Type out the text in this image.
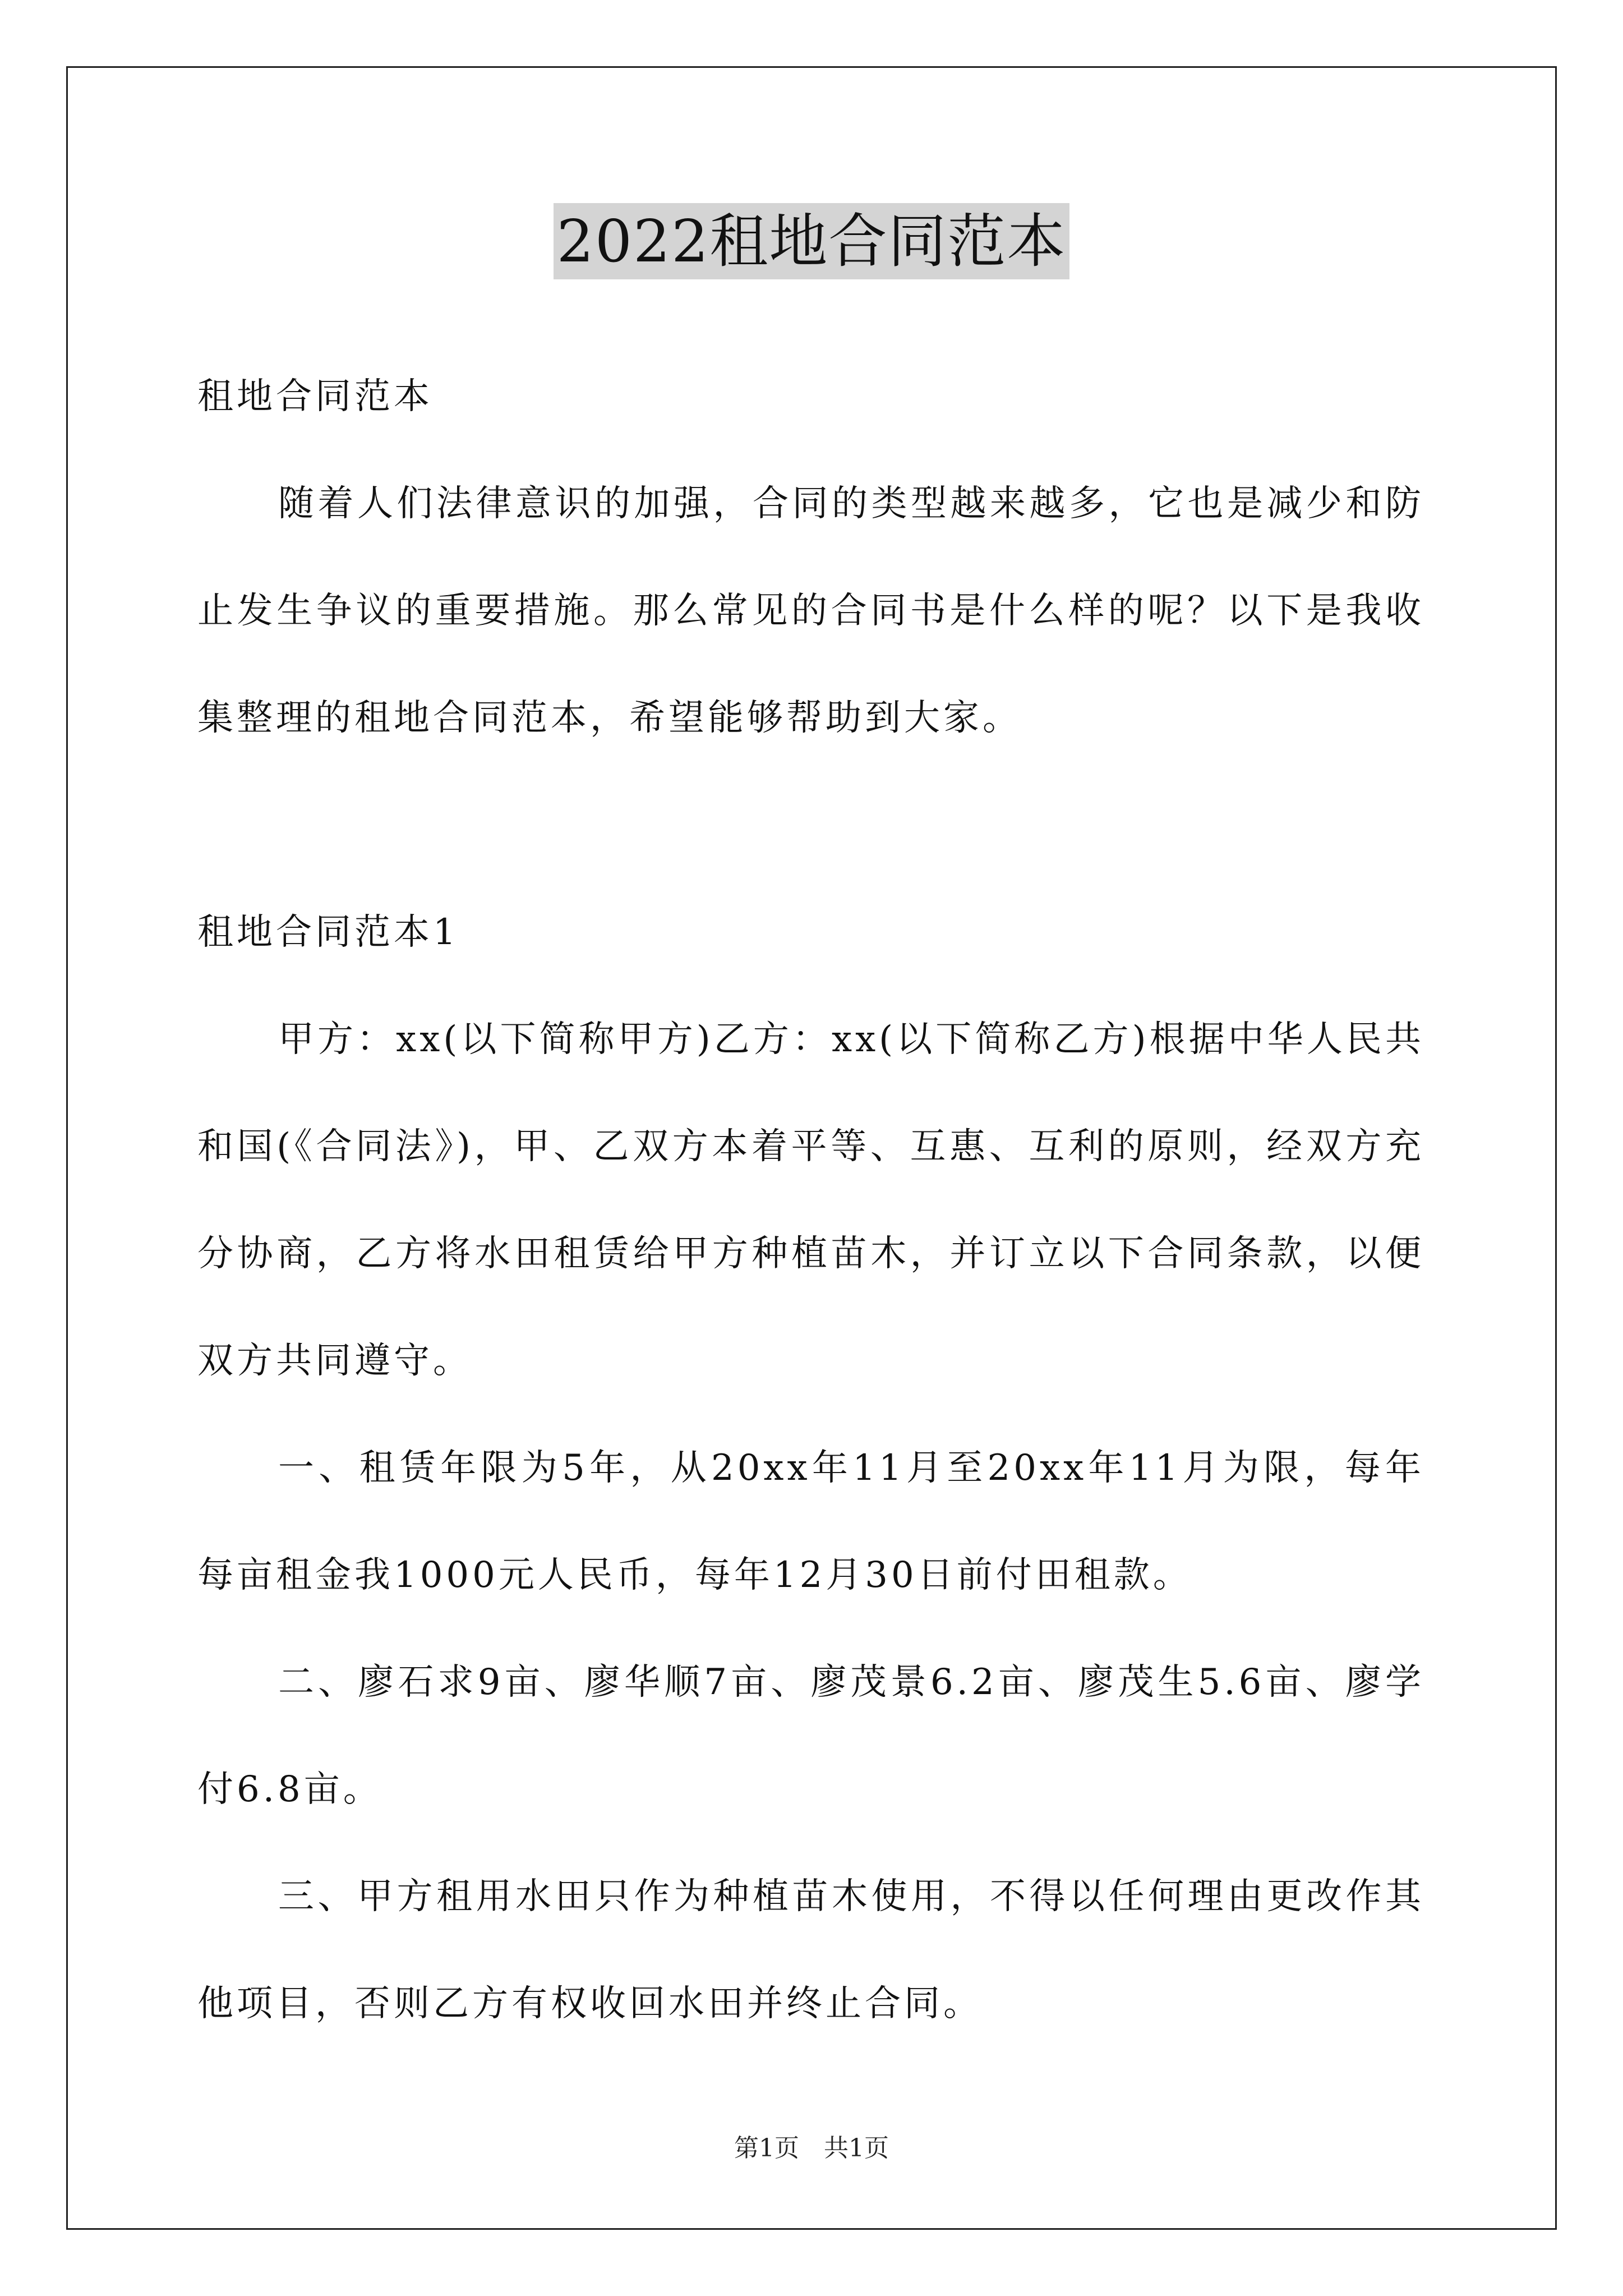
2022租地合同范本

租地合同范本

随着人们法律意识的加强，合同的类型越来越多，它也是减少和防止发生争议的重要措施。那么常见的合同书是什么样的呢？以下是我收集整理的租地合同范本，希望能够帮助到大家。

租地合同范本1

甲方：xx(以下简称甲方)乙方：xx(以下简称乙方)根据中华人民共和国(《合同法》)，甲、乙双方本着平等、互惠、互利的原则，经双方充分协商，乙方将水田租赁给甲方种植苗木，并订立以下合同条款，以便双方共同遵守。

一、租赁年限为5年，从20xx年11月至20xx年11月为限，每年每亩租金我1000元人民币，每年12月30日前付田租款。

二、廖石求9亩、廖华顺7亩、廖茂景6.2亩、廖茂生5.6亩、廖学付6.8亩。

三、甲方租用水田只作为种植苗木使用，不得以任何理由更改作其他项目，否则乙方有权收回水田并终止合同。

第1页　共1页
